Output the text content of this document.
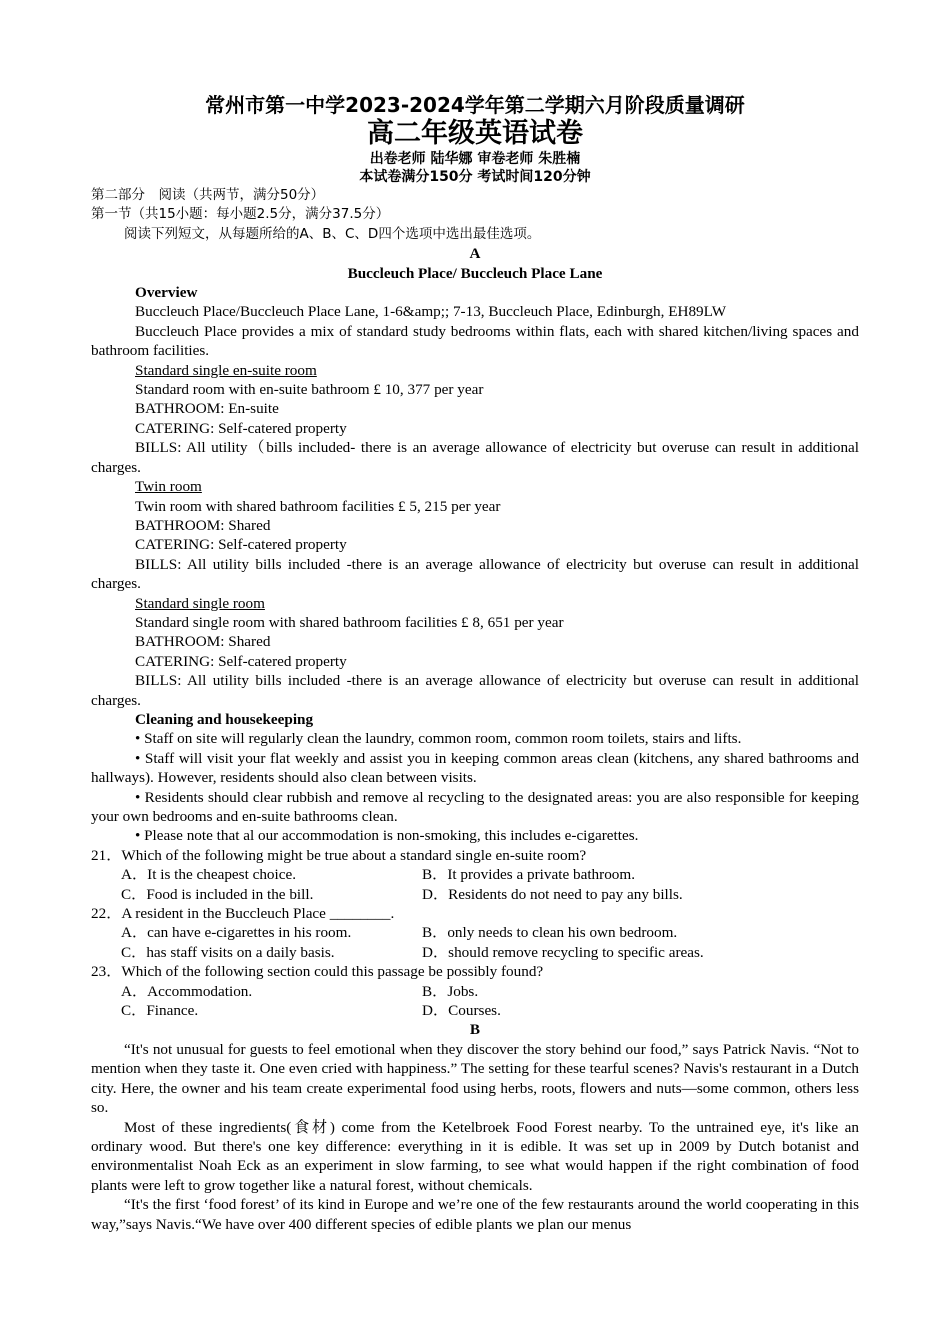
常州市第一中学2023-2024学年第二学期六月阶段质量调研
高二年级英语试卷
出卷老师 陆华娜 审卷老师 朱胜楠
本试卷满分150分 考试时间120分钟
第二部分　阅读（共两节，满分50分）
第一节（共15小题：每小题2.5分，满分37.5分）
阅读下列短文，从每题所给的A、B、C、D四个选项中选出最佳选项。
A
Buccleuch Place/ Buccleuch Place Lane
Overview
Buccleuch Place/Buccleuch Place Lane, 1-6&amp;; 7-13, Buccleuch Place, Edinburgh, EH89LW
Buccleuch Place provides a mix of standard study bedrooms within flats, each with shared kitchen/living spaces and bathroom facilities.
Standard single en-suite room
Standard room with en-suite bathroom £ 10, 377 per year
BATHROOM: En-suite
CATERING: Self-catered property
BILLS: All utility（bills included- there is an average allowance of electricity but overuse can result in additional charges.
Twin room
Twin room with shared bathroom facilities £ 5, 215 per year
BATHROOM: Shared
CATERING: Self-catered property
BILLS: All utility bills included -there is an average allowance of electricity but overuse can result in additional charges.
Standard single room
Standard single room with shared bathroom facilities £ 8, 651 per year
BATHROOM: Shared
CATERING: Self-catered property
BILLS: All utility bills included -there is an average allowance of electricity but overuse can result in additional charges.
Cleaning and housekeeping
• Staff on site will regularly clean the laundry, common room, common room toilets, stairs and lifts.
• Staff will visit your flat weekly and assist you in keeping common areas clean (kitchens, any shared bathrooms and hallways). However, residents should also clean between visits.
• Residents should clear rubbish and remove al recycling to the designated areas: you are also responsible for keeping your own bedrooms and en-suite bathrooms clean.
• Please note that al our accommodation is non-smoking, this includes e-cigarettes.
21．Which of the following might be true about a standard single en-suite room?
A．It is the cheapest choice.	B．It provides a private bathroom.
C．Food is included in the bill.	D．Residents do not need to pay any bills.
22．A resident in the Buccleuch Place ________.
A．can have e-cigarettes in his room.	B．only needs to clean his own bedroom.
C．has staff visits on a daily basis.	D．should remove recycling to specific areas.
23．Which of the following section could this passage be possibly found?
A．Accommodation.	B．Jobs.
C．Finance.	D．Courses.
B
“It's not unusual for guests to feel emotional when they discover the story behind our food,” says Patrick Navis. “Not to mention when they taste it. One even cried with happiness.” The setting for these tearful scenes? Navis's restaurant in a Dutch city. Here, the owner and his team create experimental food using herbs, roots, flowers and nuts—some common, others less so.
Most of these ingredients(食材) come from the Ketelbroek Food Forest nearby. To the untrained eye, it's like an ordinary wood. But there's one key difference: everything in it is edible. It was set up in 2009 by Dutch botanist and environmentalist Noah Eck as an experiment in slow farming, to see what would happen if the right combination of food plants were left to grow together like a natural forest, without chemicals.
“It's the first ‘food forest’ of its kind in Europe and we’re one of the few restaurants around the world cooperating in this way,”says Navis.“We have over 400 different species of edible plants we plan our menus
